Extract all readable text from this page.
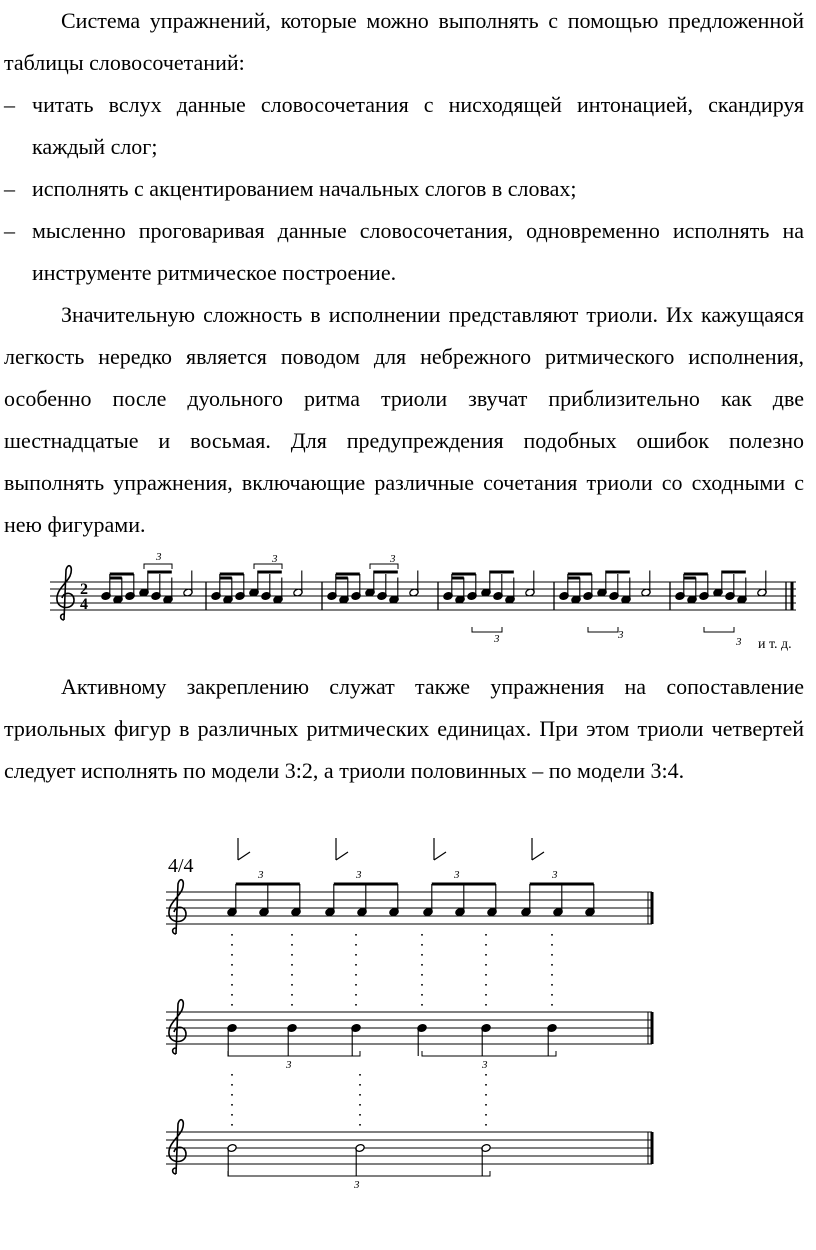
Система упражнений, которые можно выполнять с помощью предложенной таблицы словосочетаний:

– читать вслух данные словосочетания с нисходящей интонацией, скандируя каждый слог;
– исполнять с акцентированием начальных слогов в словах;
– мысленно проговаривая данные словосочетания, одновременно исполнять на инструменте ритмическое построение.

Значительную сложность в исполнении представляют триоли. Их кажущаяся легкость нередко является поводом для небрежного ритмического исполнения, особенно после дуольного ритма триоли звучат приблизительно как две шестнадцатые и восьмая. Для предупреждения подобных ошибок полезно выполнять упражнения, включающие различные сочетания триоли со сходными с нею фигурами.

2
4
3	3	3
3	3
3 и т. д.

Активному закреплению служат также упражнения на сопоставление триольных фигур в различных ритмических единицах. При этом триоли четвертей следует исполнять по модели 3:2, а триоли половинных – по модели 3:4.

4/4	3	3	3	3
3	3
3
